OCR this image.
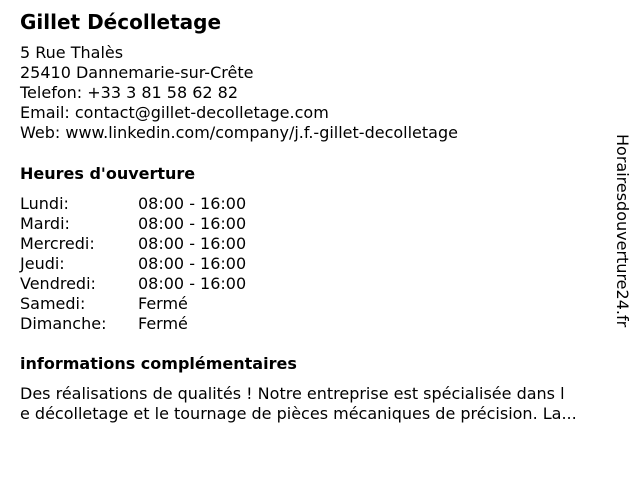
Gillet Décolletage
5 Rue Thalès
25410 Dannemarie-sur-Crête
Telefon: +33 3 81 58 62 82
Email: contact@gillet-decolletage.com
Web: www.linkedin.com/company/j.f.-gillet-decolletage
Heures d'ouverture
Lundi:	08:00 - 16:00
Mardi:	08:00 - 16:00
Mercredi:	08:00 - 16:00
Jeudi:	08:00 - 16:00
Vendredi:	08:00 - 16:00
Samedi:	Fermé
Dimanche: Fermé
informations complémentaires
Des réalisations de qualités ! Notre entreprise est spécialisée dans l
e décolletage et le tournage de pièces mécaniques de précision. La...
Horairesdouverture24.fr
